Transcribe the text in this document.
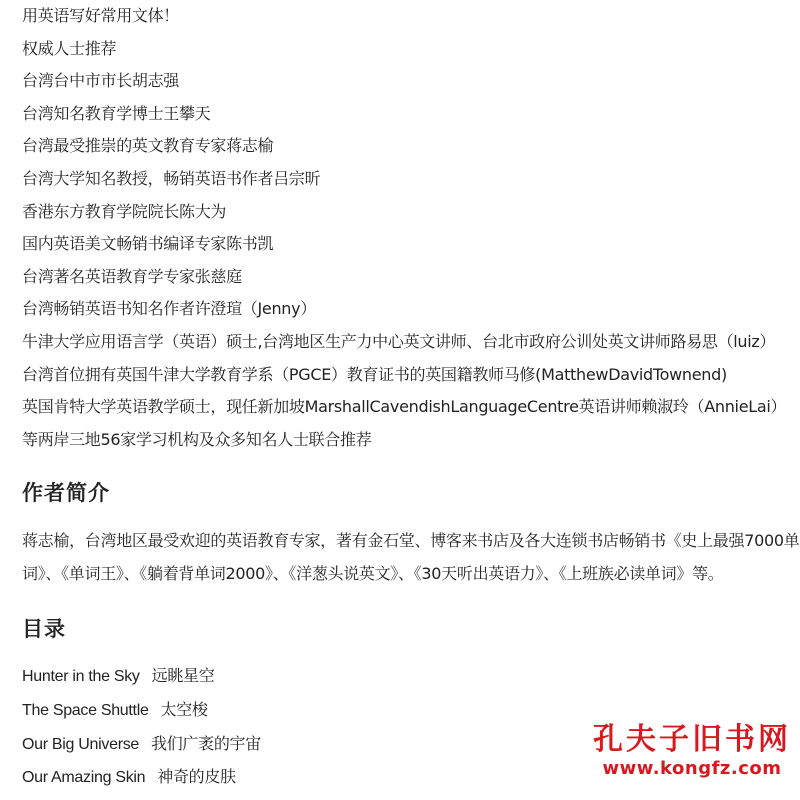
用英语写好常用文体！
权威人士推荐
台湾台中市市长胡志强
台湾知名教育学博士王攀天
台湾最受推崇的英文教育专家蒋志榆
台湾大学知名教授，畅销英语书作者吕宗昕
香港东方教育学院院长陈大为
国内英语美文畅销书编译专家陈书凯
台湾著名英语教育学专家张慈庭
台湾畅销英语书知名作者许澄瑄（Jenny）
牛津大学应用语言学（英语）硕士,台湾地区生产力中心英文讲师、台北市政府公训处英文讲师路易思（luiz）
台湾首位拥有英国牛津大学教育学系（PGCE）教育证书的英国籍教师马修(MatthewDavidTownend)
英国肯特大学英语教学硕士，现任新加坡MarshallCavendishLanguageCentre英语讲师赖淑玲（AnnieLai）
等两岸三地56家学习机构及众多知名人士联合推荐
作者简介
蒋志榆，台湾地区最受欢迎的英语教育专家，著有金石堂、博客来书店及各大连锁书店畅销书《史上最强7000单词》、《单词王》、《躺着背单词2000》、《洋葱头说英文》、《30天听出英语力》、《上班族必读单词》等。
目录
Hunter in the Sky 远眺星空
The Space Shuttle 太空梭
Our Big Universe 我们广袤的宇宙
Our Amazing Skin 神奇的皮肤
孔夫子旧书网
www.kongfz.com
